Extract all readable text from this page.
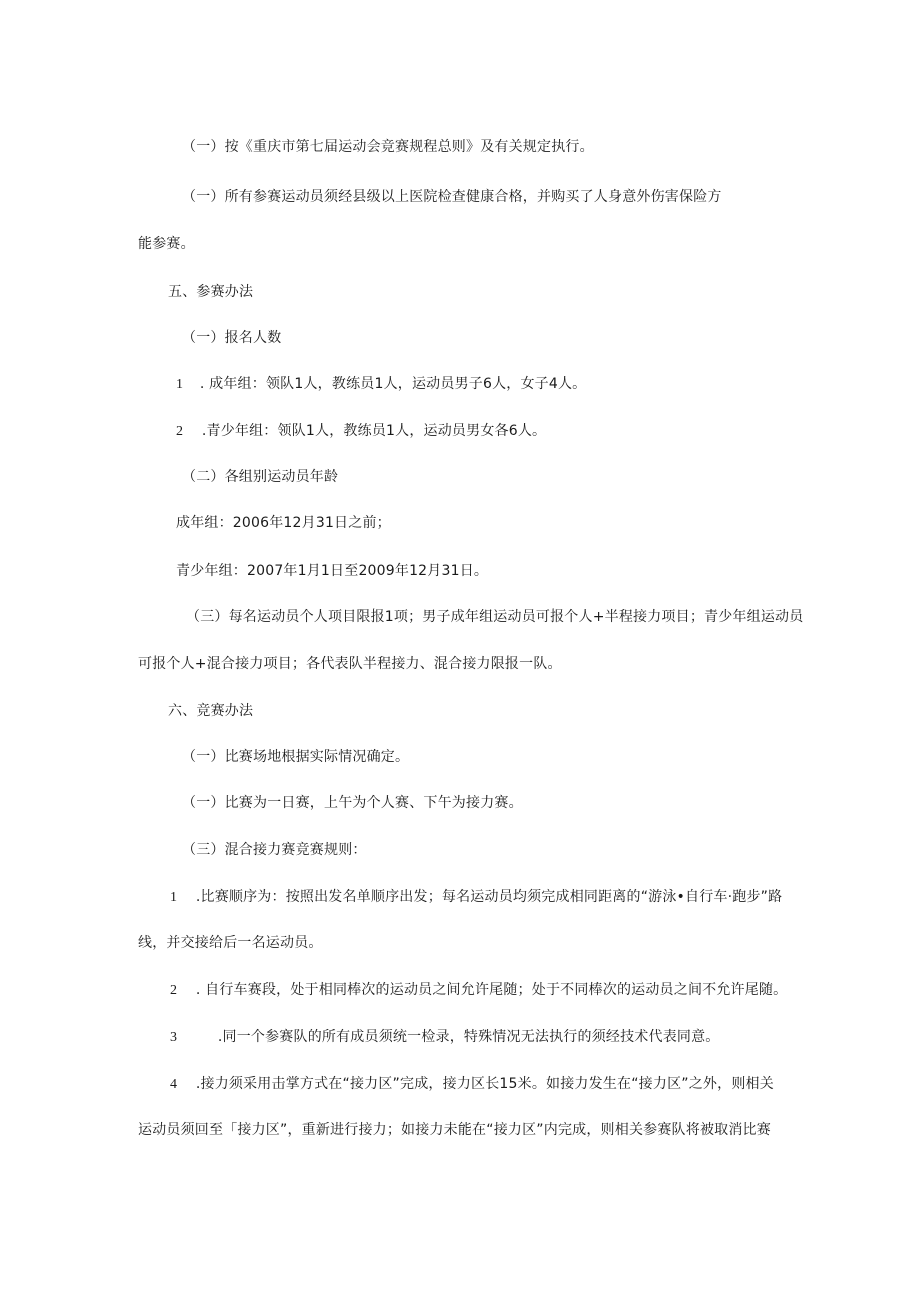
（一）按《重庆市第七届运动会竞赛规程总则》及有关规定执行。
（一）所有参赛运动员须经县级以上医院检查健康合格，并购买了人身意外伤害保险方
能参赛。
五、参赛办法
（一）报名人数
1 . 成年组：领队1人，教练员1人，运动员男子6人，女子4人。
2 .青少年组：领队1人，教练员1人，运动员男女各6人。
（二）各组别运动员年龄
成年组：2006年12月31日之前；
青少年组：2007年1月1日至2009年12月31日。
（三）每名运动员个人项目限报1项；男子成年组运动员可报个人+半程接力项目；青少年组运动员
可报个人+混合接力项目；各代表队半程接力、混合接力限报一队。
六、竞赛办法
（一）比赛场地根据实际情况确定。
（一）比赛为一日赛，上午为个人赛、下午为接力赛。
（三）混合接力赛竞赛规则：
1 .比赛顺序为：按照出发名单顺序出发；每名运动员均须完成相同距离的“游泳•自行车·跑步”路
线，并交接给后一名运动员。
2 . 自行车赛段，处于相同棒次的运动员之间允许尾随；处于不同棒次的运动员之间不允许尾随。
3	.同一个参赛队的所有成员须统一检录，特殊情况无法执行的须经技术代表同意。
4 .接力须采用击掌方式在“接力区”完成，接力区长15米。如接力发生在“接力区”之外，则相关
运动员须回至「接力区”，重新进行接力；如接力未能在“接力区”内完成，则相关参赛队将被取消比赛
